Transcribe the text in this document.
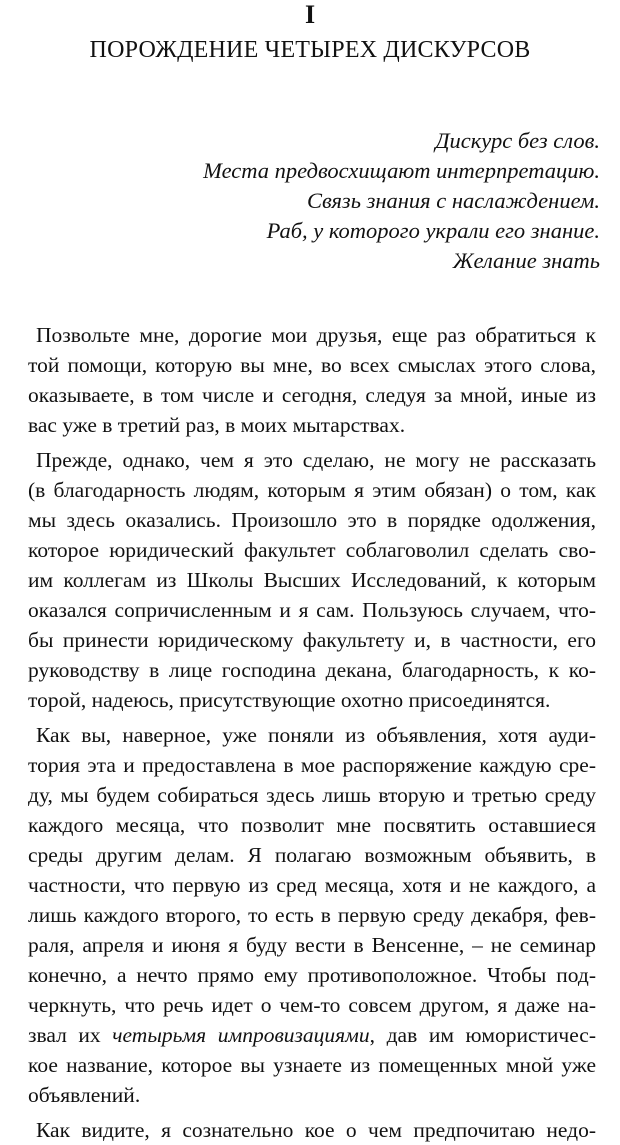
I
ПОРОЖДЕНИЕ ЧЕТЫРЕХ ДИСКУРСОВ
Дискурс без слов.
Места предвосхищают интерпретацию.
Связь знания с наслаждением.
Раб, у которого украли его знание.
Желание знать
Позвольте мне, дорогие мои друзья, еще раз обратиться к
той помощи, которую вы мне, во всех смыслах этого слова,
оказываете, в том числе и сегодня, следуя за мной, иные из
вас уже в третий раз, в моих мытарствах.
Прежде, однако, чем я это сделаю, не могу не рассказать
(в благодарность людям, которым я этим обязан) о том, как
мы здесь оказались. Произошло это в порядке одолжения,
которое юридический факультет соблаговолил сделать сво-
им коллегам из Школы Высших Исследований, к которым
оказался сопричисленным и я сам. Пользуюсь случаем, что-
бы принести юридическому факультету и, в частности, его
руководству в лице господина декана, благодарность, к ко-
торой, надеюсь, присутствующие охотно присоединятся.
Как вы, наверное, уже поняли из объявления, хотя ауди-
тория эта и предоставлена в мое распоряжение каждую сре-
ду, мы будем собираться здесь лишь вторую и третью среду
каждого месяца, что позволит мне посвятить оставшиеся
среды другим делам. Я полагаю возможным объявить, в
частности, что первую из сред месяца, хотя и не каждого, а
лишь каждого второго, то есть в первую среду декабря, фев-
раля, апреля и июня я буду вести в Венсенне, – не семинар
конечно, а нечто прямо ему противоположное. Чтобы под-
черкнуть, что речь идет о чем-то совсем другом, я даже на-
звал их четырьмя импровизациями, дав им юмористичес-
кое название, которое вы узнаете из помещенных мной уже
объявлений.
Как видите, я сознательно кое о чем предпочитаю недо-
